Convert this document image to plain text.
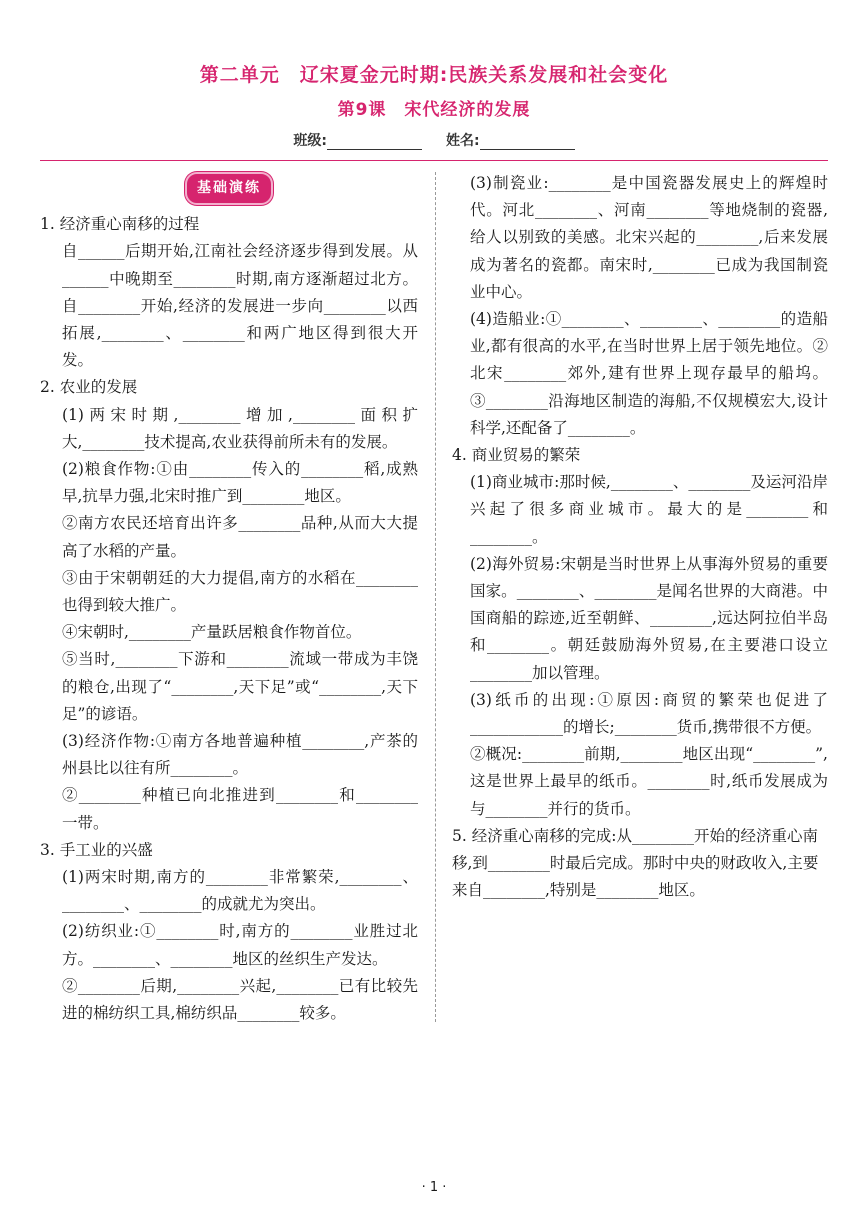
第二单元　辽宋夏金元时期:民族关系发展和社会变化
第9课　宋代经济的发展
班级:	姓名:
基础演练

1. 经济重心南移的过程

自______后期开始,江南社会经济逐步得到发展。从______中晚期至________时期,南方逐渐超过北方。自________开始,经济的发展进一步向________以西拓展,________、________和两广地区得到很大开发。

2. 农业的发展

(1)两宋时期,________增加,________面积扩大,________技术提高,农业获得前所未有的发展。

(2)粮食作物:①由________传入的________稻,成熟早,抗旱力强,北宋时推广到________地区。

②南方农民还培育出许多________品种,从而大大提高了水稻的产量。

③由于宋朝朝廷的大力提倡,南方的水稻在________也得到较大推广。

④宋朝时,________产量跃居粮食作物首位。

⑤当时,________下游和________流域一带成为丰饶的粮仓,出现了“________,天下足”或“________,天下足”的谚语。

(3)经济作物:①南方各地普遍种植________,产茶的州县比以往有所________。

②________种植已向北推进到________和________一带。

3. 手工业的兴盛

(1)两宋时期,南方的________非常繁荣,________、________、________的成就尤为突出。

(2)纺织业:①________时,南方的________业胜过北方。________、________地区的丝织生产发达。

②________后期,________兴起,________已有比较先进的棉纺织工具,棉纺织品________较多。

(3)制瓷业:________是中国瓷器发展史上的辉煌时代。河北________、河南________等地烧制的瓷器,给人以别致的美感。北宋兴起的________,后来发展成为著名的瓷都。南宋时,________已成为我国制瓷业中心。

(4)造船业:①________、________、________的造船业,都有很高的水平,在当时世界上居于领先地位。②北宋________郊外,建有世界上现存最早的船坞。③________沿海地区制造的海船,不仅规模宏大,设计科学,还配备了________。

4. 商业贸易的繁荣

(1)商业城市:那时候,________、________及运河沿岸兴起了很多商业城市。最大的是________和________。

(2)海外贸易:宋朝是当时世界上从事海外贸易的重要国家。________、________是闻名世界的大商港。中国商船的踪迹,近至朝鲜、________,远达阿拉伯半岛和________。朝廷鼓励海外贸易,在主要港口设立________加以管理。

(3)纸币的出现:①原因:商贸的繁荣也促进了____________的增长;________货币,携带很不方便。

②概况:________前期,________地区出现“________”,这是世界上最早的纸币。________时,纸币发展成为与________并行的货币。

5. 经济重心南移的完成:从________开始的经济重心南移,到________时最后完成。那时中央的财政收入,主要来自________,特别是________地区。

· 1 ·
